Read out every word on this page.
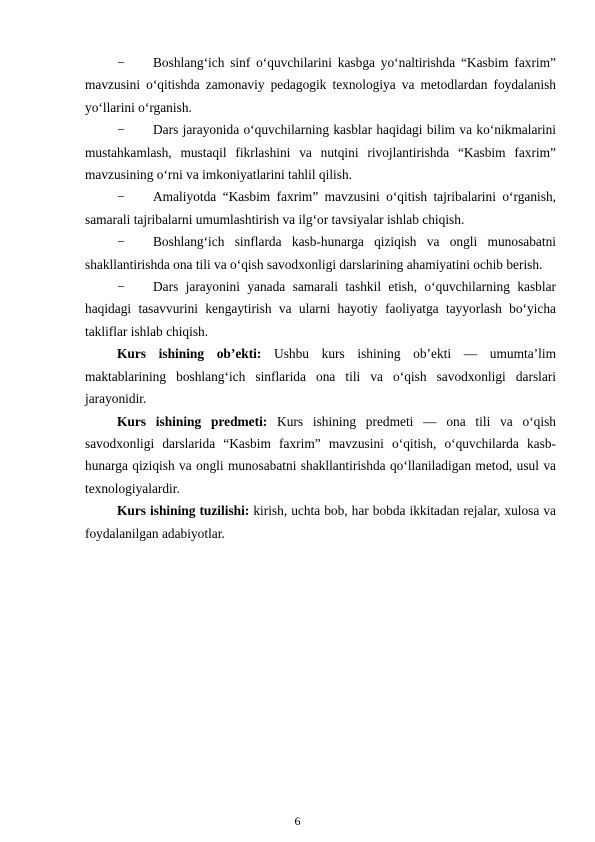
− Boshlang‘ich sinf o‘quvchilarini kasbga yo‘naltirishda “Kasbim faxrim” mavzusini o‘qitishda zamonaviy pedagogik texnologiya va metodlardan foydalanish yo‘llarini o‘rganish.

− Dars jarayonida o‘quvchilarning kasblar haqidagi bilim va ko‘nikmalarini mustahkamlash, mustaqil fikrlashini va nutqini rivojlantirishda “Kasbim faxrim” mavzusining o‘rni va imkoniyatlarini tahlil qilish.

− Amaliyotda “Kasbim faxrim” mavzusini o‘qitish tajribalarini o‘rganish, samarali tajribalarni umumlashtirish va ilg‘or tavsiyalar ishlab chiqish.

− Boshlang‘ich sinflarda kasb-hunarga qiziqish va ongli munosabatni shakllantirishda ona tili va o‘qish savodxonligi darslarining ahamiyatini ochib berish.

− Dars jarayonini yanada samarali tashkil etish, o‘quvchilarning kasblar haqidagi tasavvurini kengaytirish va ularni hayotiy faoliyatga tayyorlash bo‘yicha takliflar ishlab chiqish.

Kurs ishining ob’ekti: Ushbu kurs ishining ob’ekti — umumta’lim maktablarining boshlang‘ich sinflarida ona tili va o‘qish savodxonligi darslari jarayonidir.

Kurs ishining predmeti: Kurs ishining predmeti — ona tili va o‘qish savodxonligi darslarida “Kasbim faxrim” mavzusini o‘qitish, o‘quvchilarda kasb-hunarga qiziqish va ongli munosabatni shakllantirishda qo‘llaniladigan metod, usul va texnologiyalardir.

Kurs ishining tuzilishi: kirish, uchta bob, har bobda ikkitadan rejalar, xulosa va foydalanilgan adabiyotlar.

6
